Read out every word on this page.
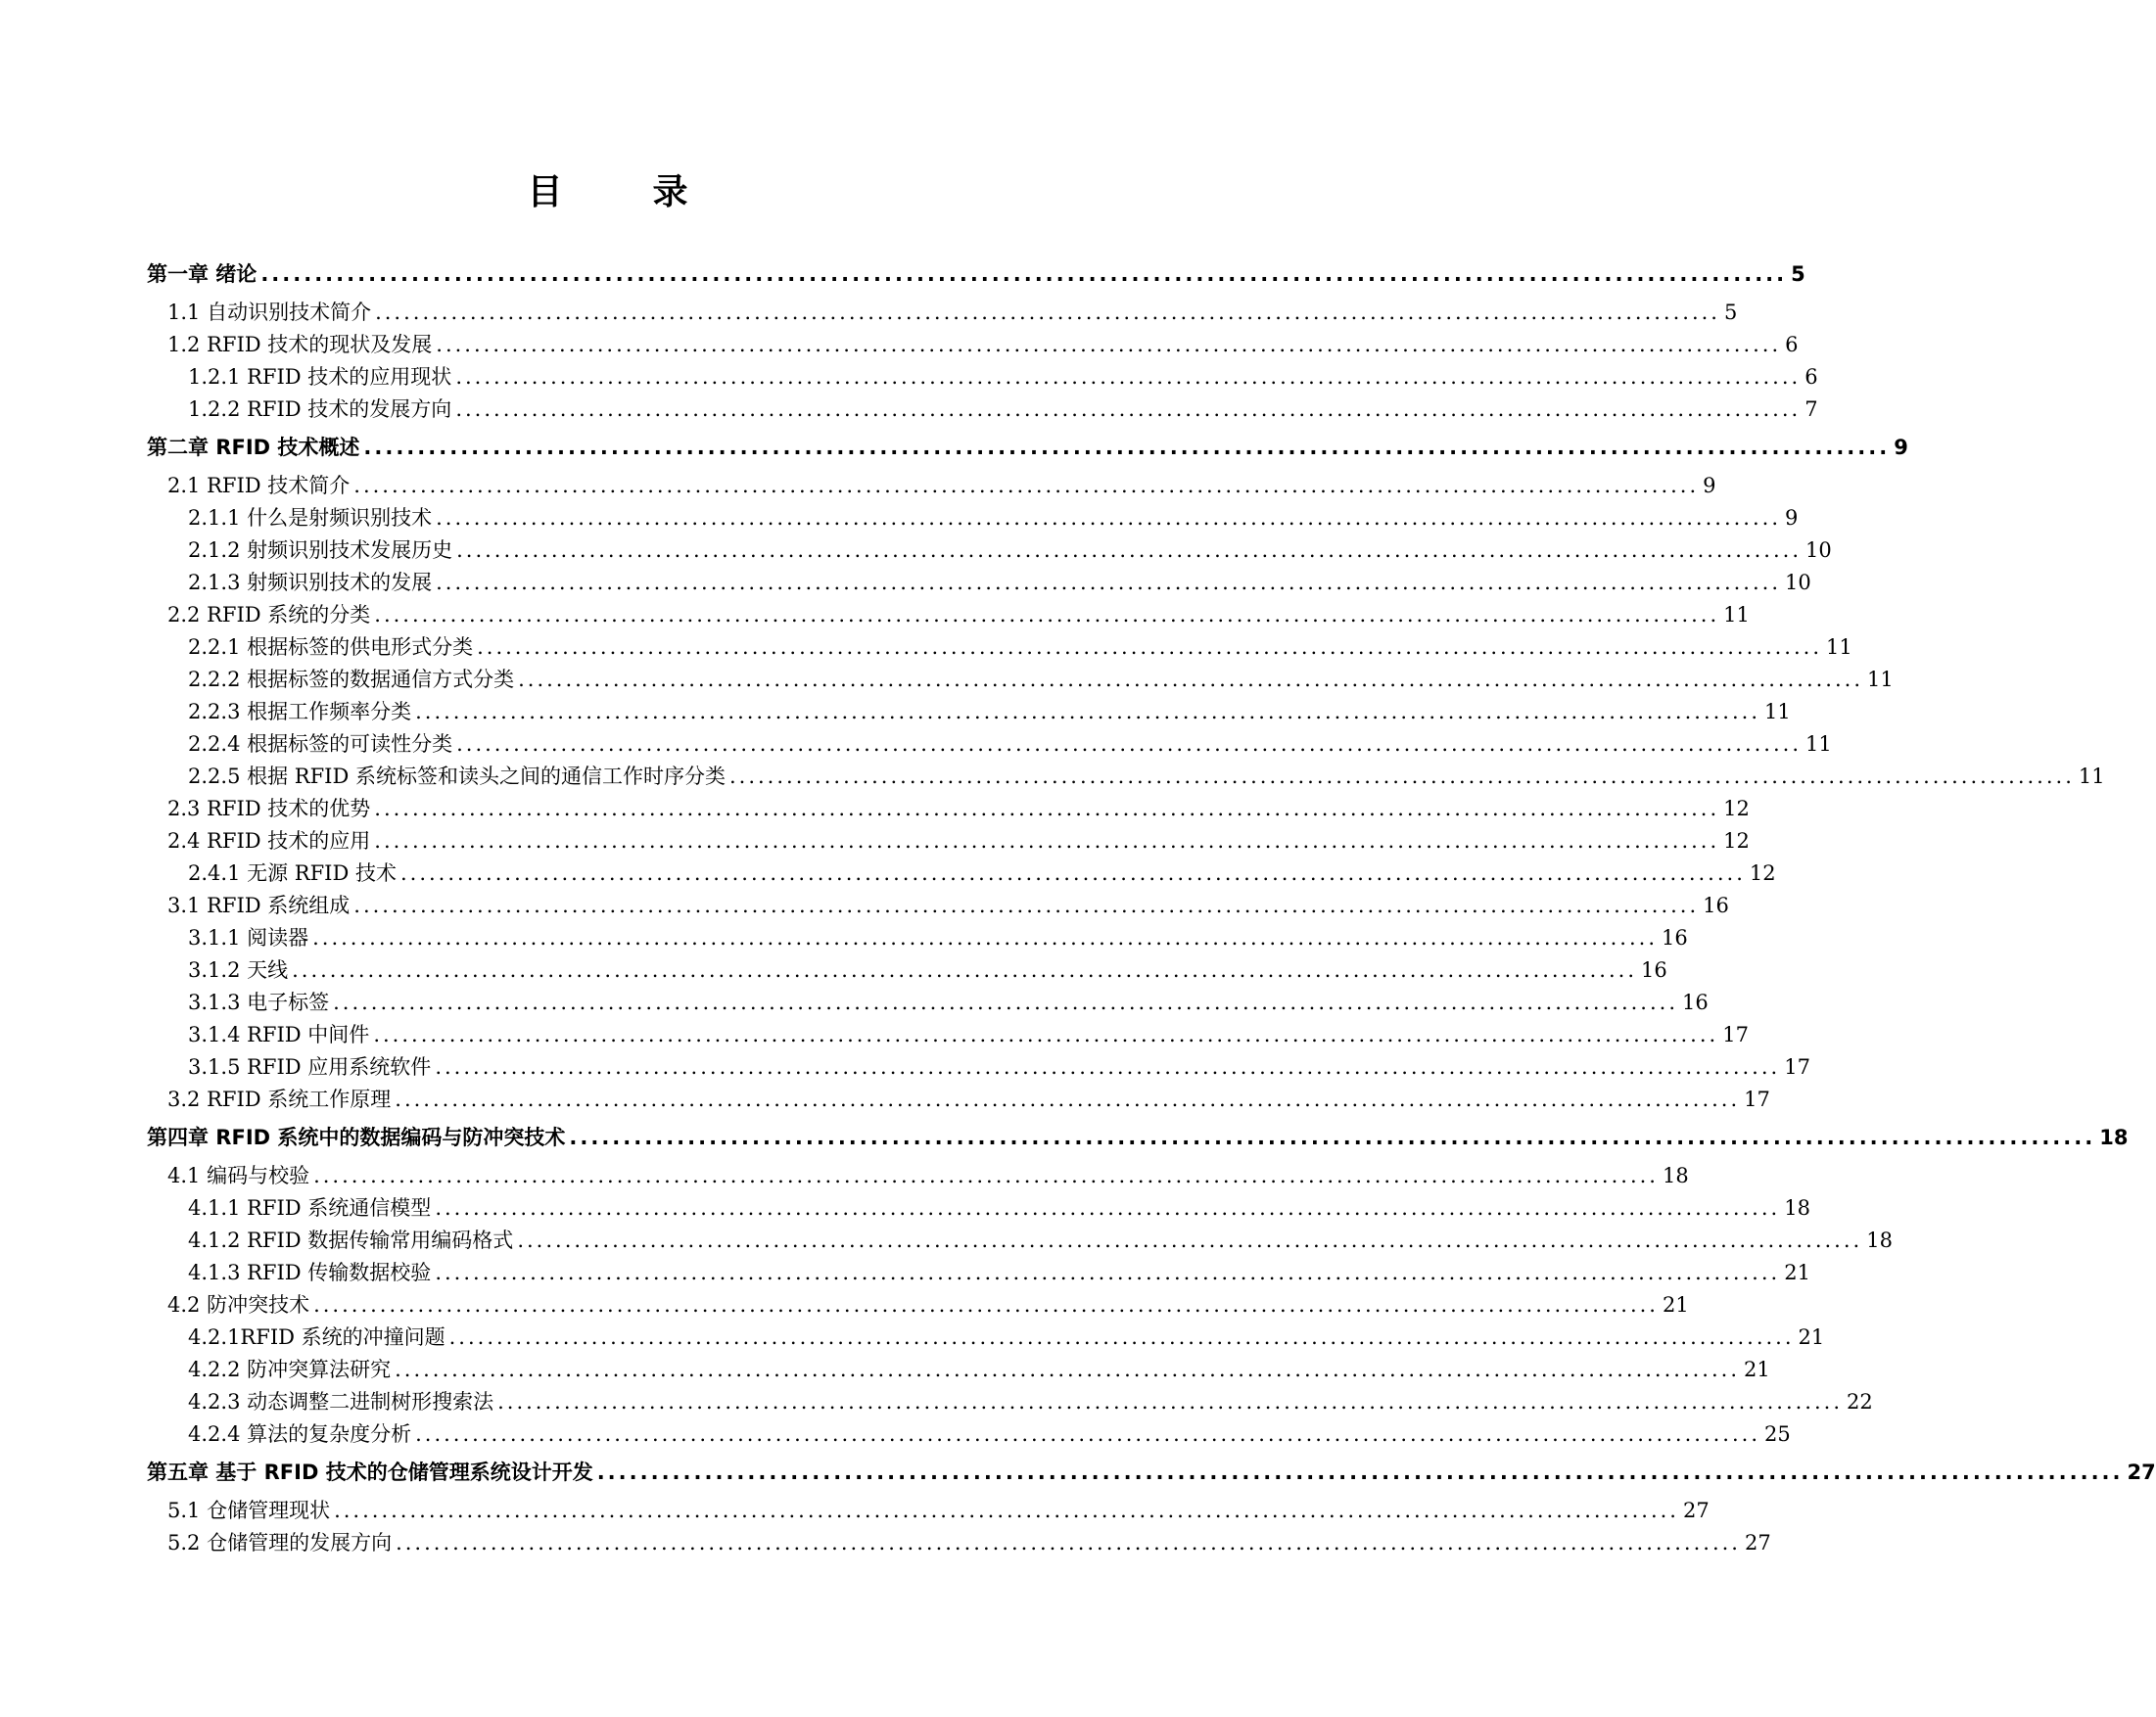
目　录
第一章 绪论 .............................................................................................................................................. 5
1.1 自动识别技术简介 .............................................................................................................................................. 5
1.2 RFID 技术的现状及发展 .............................................................................................................................................. 6
1.2.1 RFID 技术的应用现状 .............................................................................................................................................. 6
1.2.2 RFID 技术的发展方向 .............................................................................................................................................. 7
第二章 RFID 技术概述 .............................................................................................................................................. 9
2.1 RFID 技术简介 .............................................................................................................................................. 9
2.1.1 什么是射频识别技术 .............................................................................................................................................. 9
2.1.2 射频识别技术发展历史 .............................................................................................................................................. 10
2.1.3 射频识别技术的发展 .............................................................................................................................................. 10
2.2 RFID 系统的分类 .............................................................................................................................................. 11
2.2.1 根据标签的供电形式分类 .............................................................................................................................................. 11
2.2.2 根据标签的数据通信方式分类 .............................................................................................................................................. 11
2.2.3 根据工作频率分类 .............................................................................................................................................. 11
2.2.4 根据标签的可读性分类 .............................................................................................................................................. 11
2.2.5 根据 RFID 系统标签和读头之间的通信工作时序分类 .............................................................................................................................................. 11
2.3 RFID 技术的优势 .............................................................................................................................................. 12
2.4 RFID 技术的应用 .............................................................................................................................................. 12
2.4.1 无源 RFID 技术 .............................................................................................................................................. 12
3.1 RFID 系统组成 .............................................................................................................................................. 16
3.1.1 阅读器 .............................................................................................................................................. 16
3.1.2 天线 .............................................................................................................................................. 16
3.1.3 电子标签 .............................................................................................................................................. 16
3.1.4 RFID 中间件 .............................................................................................................................................. 17
3.1.5 RFID 应用系统软件 .............................................................................................................................................. 17
3.2 RFID 系统工作原理 .............................................................................................................................................. 17
第四章 RFID 系统中的数据编码与防冲突技术 .............................................................................................................................................. 18
4.1 编码与校验 .............................................................................................................................................. 18
4.1.1 RFID 系统通信模型 .............................................................................................................................................. 18
4.1.2 RFID 数据传输常用编码格式 .............................................................................................................................................. 18
4.1.3 RFID 传输数据校验 .............................................................................................................................................. 21
4.2 防冲突技术 .............................................................................................................................................. 21
4.2.1RFID 系统的冲撞问题 .............................................................................................................................................. 21
4.2.2 防冲突算法研究 .............................................................................................................................................. 21
4.2.3 动态调整二进制树形搜索法 .............................................................................................................................................. 22
4.2.4 算法的复杂度分析 .............................................................................................................................................. 25
第五章 基于 RFID 技术的仓储管理系统设计开发 .............................................................................................................................................. 27
5.1 仓储管理现状 .............................................................................................................................................. 27
5.2 仓储管理的发展方向 .............................................................................................................................................. 27
